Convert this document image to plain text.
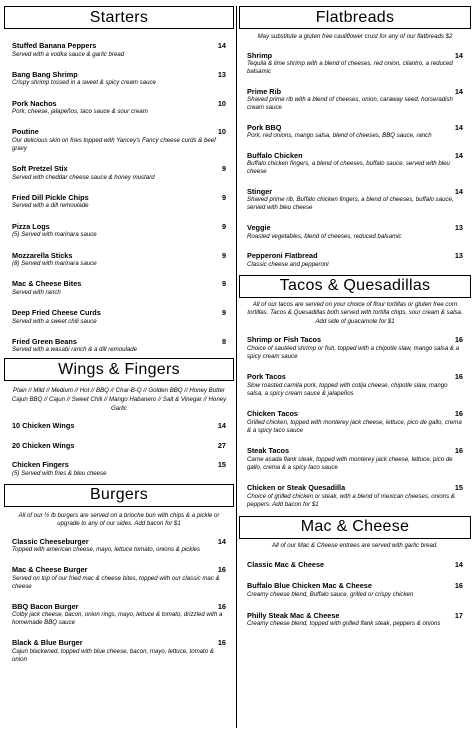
Starters
Stuffed Banana Peppers	14
Served with a vodka sauce & garlic bread
Bang Bang Shrimp	13
Crispy shrimp tossed in a sweet & spicy cream sauce
Pork Nachos	10
Pork, cheese, jalapeños, taco sauce & sour cream
Poutine	10
Our delicious skin on fries topped with Yancey's Fancy cheese curds & beef gravy
Soft Pretzel Stix	9
Served with cheddar cheese sauce & honey mustard
Fried Dill Pickle Chips	9
Served with a dill remoulade
Pizza Logs	9
(5) Served with marinara sauce
Mozzarella Sticks	9
(8) Served with marinara sauce
Mac & Cheese Bites	9
Served with ranch
Deep Fried Cheese Curds	9
Served with a sweet chili sauce
Fried Green Beans	8
Served with a wasabi ranch & a dill remoulade
Wings & Fingers
Plain // Mild // Medium // Hot // BBQ // Char-B-Q // Golden BBQ // Honey Butter Cajun BBQ // Cajun // Sweet Chili // Mango Habanero // Salt & Vinegar // Honey Garlic
10 Chicken Wings	14
20 Chicken Wings	27
Chicken Fingers	15
(5) Served with fries & bleu cheese
Burgers
All of our ½ lb burgers are served on a brioche bun with chips & a pickle or upgrade to any of our sides. Add bacon for $1
Classic Cheeseburger	14
Topped with american cheese, mayo, lettuce tomato, onions & pickles
Mac & Cheese Burger	16
Served on top of our fried mac & cheese bites, topped with our classic mac & cheese
BBQ Bacon Burger	16
Colby jack cheese, bacon, onion rings, mayo, lettuce & tomato, drizzled with a homemade BBQ sauce
Black & Blue Burger	16
Cajun blackened, topped with blue cheese, bacon, mayo, lettuce, tomato & onion
Flatbreads
May substitute a gluten free cauliflower crust for any of our flatbreads $2
Shrimp	14
Tequila & lime shrimp with a blend of cheeses, red onion, cilantro, a reduced balsamic
Prime Rib	14
Shaved prime rib with a blend of cheeses, onion, caraway seed, horseradish cream sauce
Pork BBQ	14
Pork, red onions, mango salsa, blend of cheeses, BBQ sauce, ranch
Buffalo Chicken	14
Buffalo chicken fingers, a blend of cheeses, buffalo sauce, served with bleu cheese
Stinger	14
Shaved prime rib, Buffalo chicken fingers, a blend of cheeses, buffalo sauce, served with bleu cheese
Veggie	13
Roasted vegetables, blend of cheeses, reduced balsamic
Pepperoni Flatbread	13
Classic cheese and pepperoni
Tacos & Quesadillas
All of our tacos are served on your choice of flour tortillas or gluten free corn tortillas. Tacos & Quesadillas both served with tortilla chips, sour cream & salsa. Add side of guacamole for $1
Shrimp or Fish Tacos	16
Choice of sautéed shrimp or fish, topped with a chipotle slaw, mango salsa & a spicy cream sauce
Pork Tacos	16
Slow roasted carnita pork, topped with cotija cheese, chipotle slaw, mango salsa, a spicy cream sauce & jalapeños
Chicken Tacos	16
Grilled chicken, topped with monterey jack cheese, lettuce, pico de gallo, crema & a spicy taco sauce
Steak Tacos	16
Carne asada flank steak, topped with monterey jack cheese, lettuce, pico de gallo, crema & a spicy taco sauce
Chicken or Steak Quesadilla	15
Choice of grilled chicken or steak, with a blend of mexican cheeses, onions & peppers. Add bacon for $1
Mac & Cheese
All of our Mac & Cheese entrees are served with garlic bread.
Classic Mac & Cheese	14
Buffalo Blue Chicken Mac & Cheese	16
Creamy cheese blend, Buffalo sauce, grilled or crispy chicken
Philly Steak Mac & Cheese	17
Creamy cheese blend, topped with grilled flank steak, peppers & onions
